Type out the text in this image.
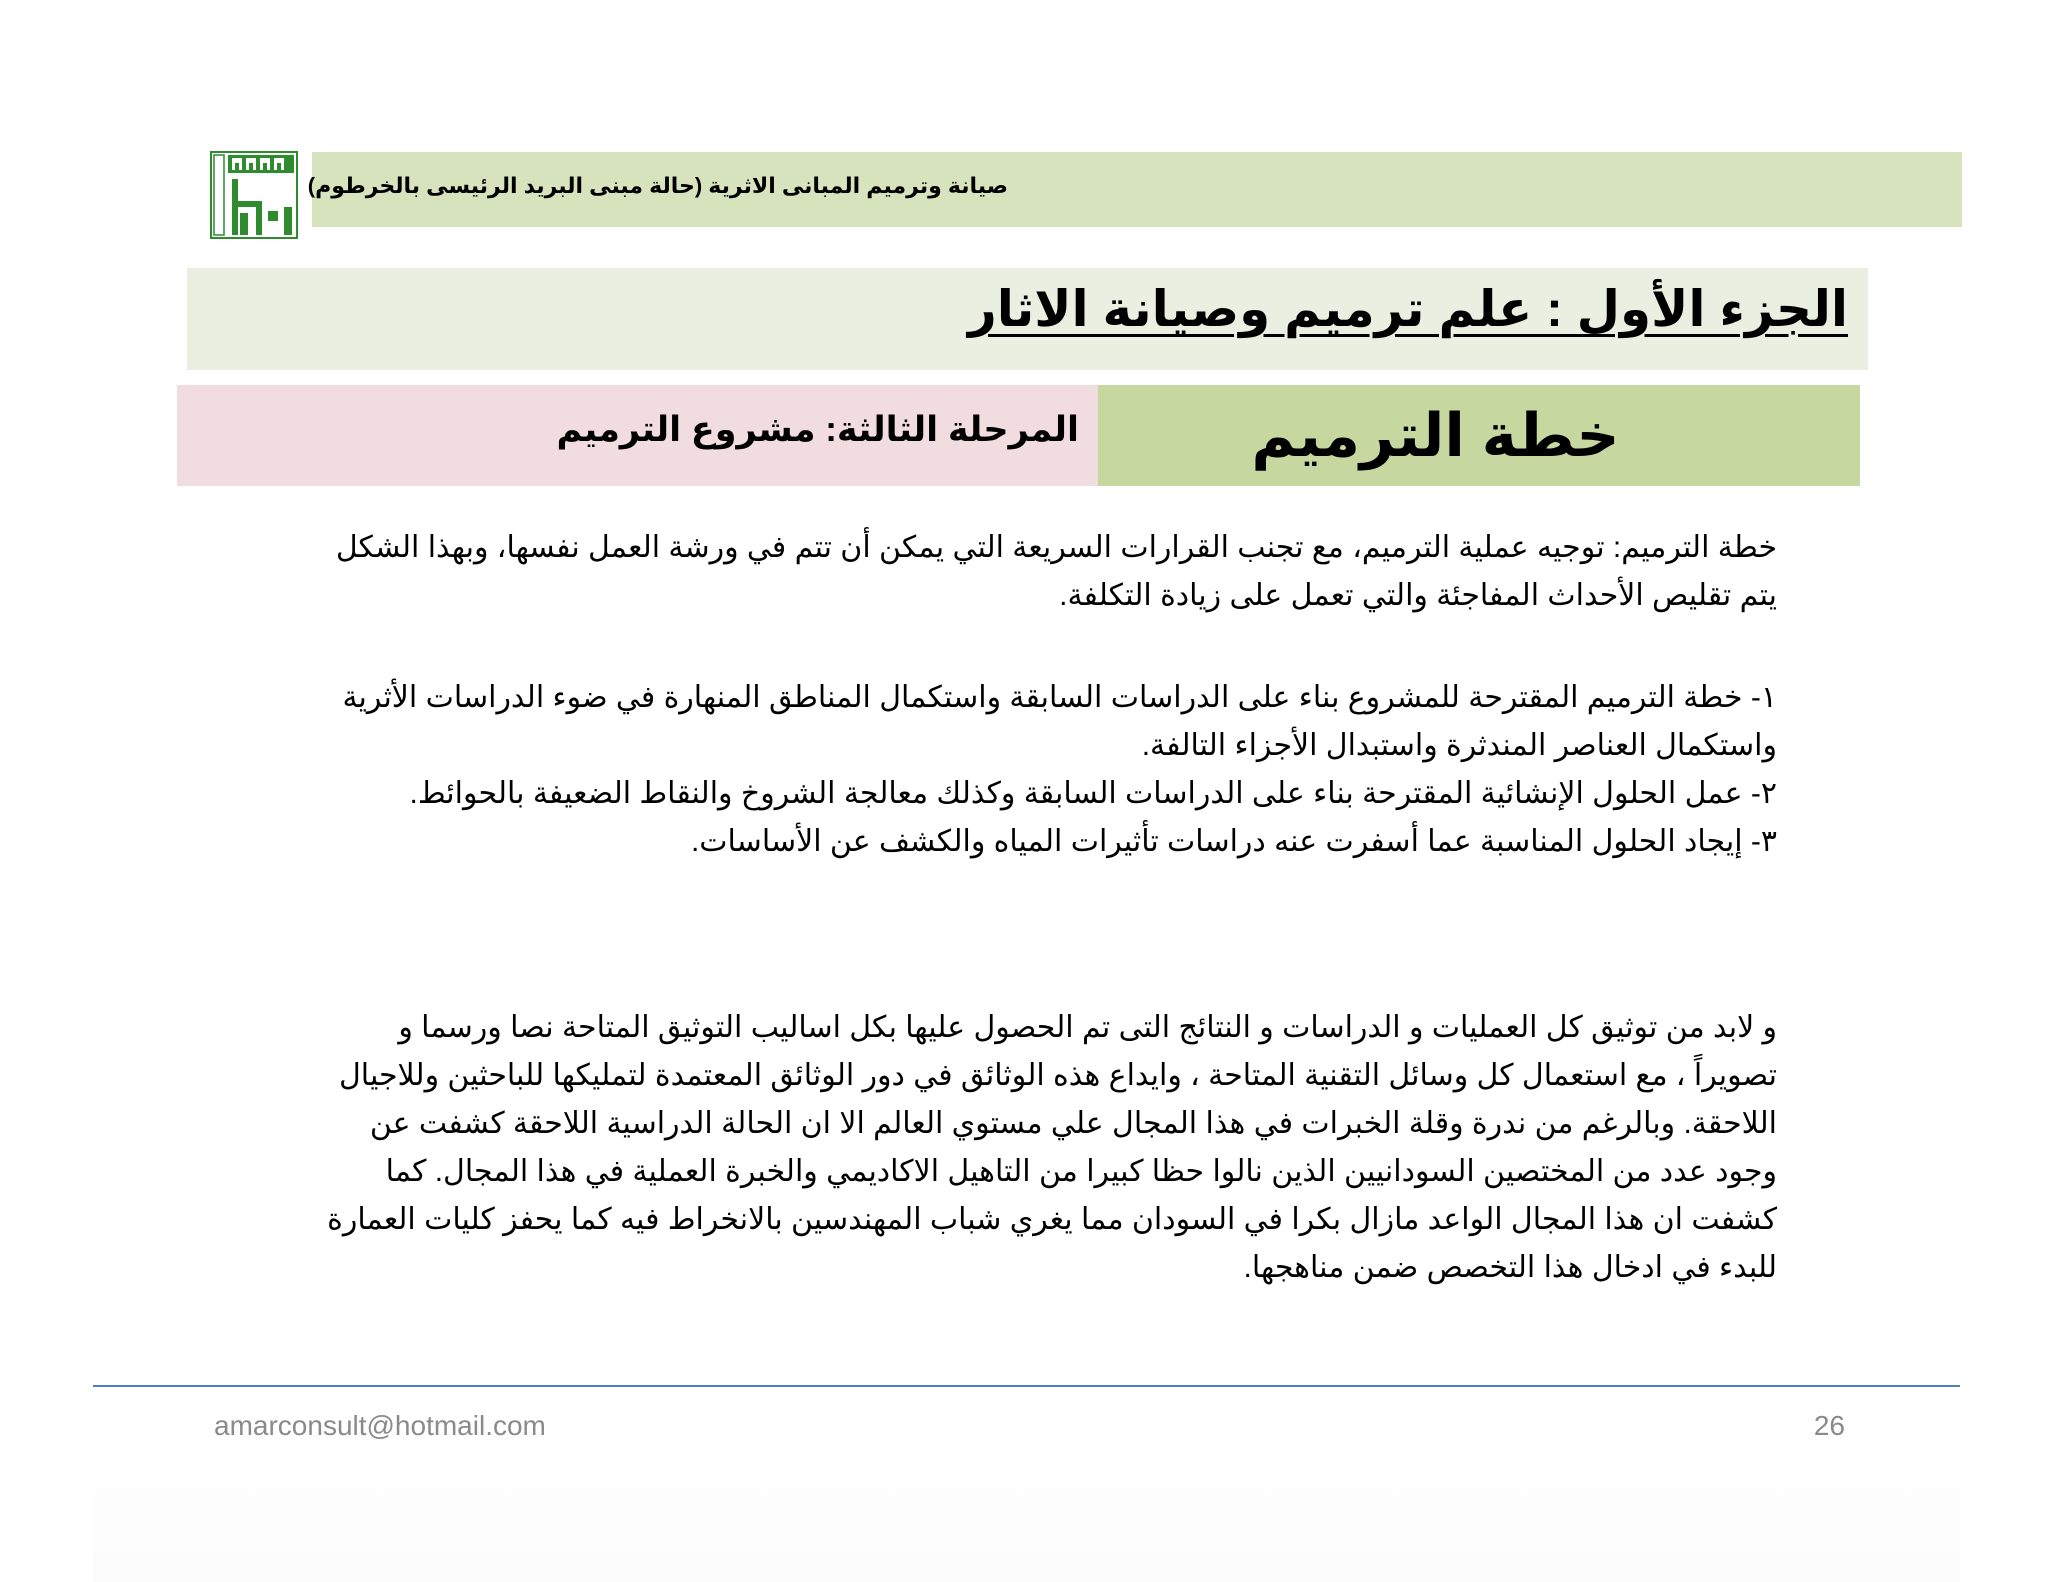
صيانة وترميم المبانى الاثرية (حالة مبنى البريد الرئيسى بالخرطوم)
الجزء الأول : علم ترميم وصيانة الاثار
خطة الترميم
المرحلة الثالثة: مشروع الترميم
خطة الترميم: توجيه عملية الترميم، مع تجنب القرارات السريعة التي يمكن أن تتم في ورشة العمل نفسها، وبهذا الشكل
يتم تقليص الأحداث المفاجئة والتي تعمل على زيادة التكلفة.
١- خطة الترميم المقترحة للمشروع بناء على الدراسات السابقة واستكمال المناطق المنهارة في ضوء الدراسات الأثرية
واستكمال العناصر المندثرة واستبدال الأجزاء التالفة.
٢- عمل الحلول الإنشائية المقترحة بناء على الدراسات السابقة وكذلك معالجة الشروخ والنقاط الضعيفة بالحوائط.
٣- إيجاد الحلول المناسبة عما أسفرت عنه دراسات تأثيرات المياه والكشف عن الأساسات.
و لابد من توثيق كل العمليات و الدراسات و النتائج التى تم الحصول عليها بكل اساليب التوثيق المتاحة نصا ورسما و
تصويراً ، مع استعمال كل وسائل التقنية المتاحة ، وايداع هذه الوثائق في دور الوثائق المعتمدة لتمليكها للباحثين وللاجيال
اللاحقة. وبالرغم من ندرة وقلة الخبرات في هذا المجال علي مستوي العالم الا ان الحالة الدراسية اللاحقة كشفت عن
وجود عدد من المختصين السودانيين الذين نالوا حظا كبيرا من التاهيل الاكاديمي والخبرة العملية في هذا المجال. كما
كشفت ان هذا المجال الواعد مازال بكرا في السودان مما يغري شباب المهندسين بالانخراط فيه كما يحفز كليات العمارة
للبدء في ادخال هذا التخصص ضمن مناهجها.
amarconsult@hotmail.com	26
